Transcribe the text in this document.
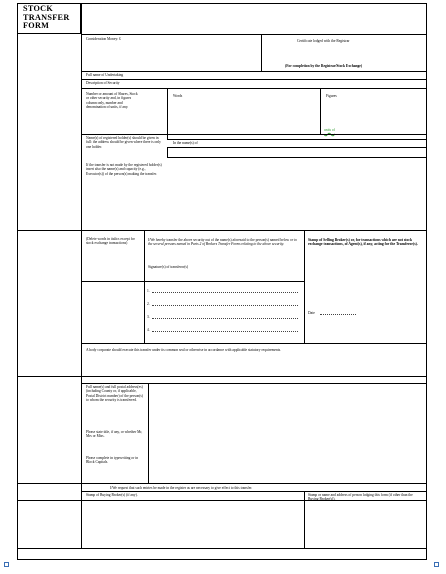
STOCK
TRANSFER
FORM
Consideration Money: £	Certificate lodged with the Registrar
(For completion by the Registrar/Stock Exchange)
Full name of Undertaking
Description of Security
Number or amount of Shares, Stock or other security and, in figures column only, number and denomination of units, if any.
Words	Figures
units of
Name(s) of registered holder(s) should be given in full: the address should be given where there is only one holder.
In the name(s) of
If the transfer is not made by the registered holder(s) insert also the name(s) and capacity (e.g., Executor(s)) of the person(s) making the transfer.
(Delete words in italics except for stock exchange transactions)
I/We hereby transfer the above security out of the name(s) aforesaid to the person(s) named below or to the several persons named in Parts 2 of Brokers Transfer Forms relating to the above security.
Signature(s) of transferor(s)
Stamp of Selling Broker(s) or, for transactions which are not stock exchange transactions, of Agent(s), if any, acting for the Transferor(s).
1.
2.
3.
4.
Date
A body corporate should execute this transfer under its common seal or otherwise in accordance with applicable statutory requirements.
Full name(s) and full postal address(es) (including County or, if applicable, Postal District number) of the person(s) to whom the security is transferred.
Please state title, if any, or whether Mr, Mrs or Miss.
Please complete in typewriting or in Block Capitals.
I/We request that such entries be made in the register as are necessary to give effect to this transfer.
Stamp of Buying Broker(s) (if any).	Stamp or name and address of person lodging this form (if other than the Buying Broker(s)).
